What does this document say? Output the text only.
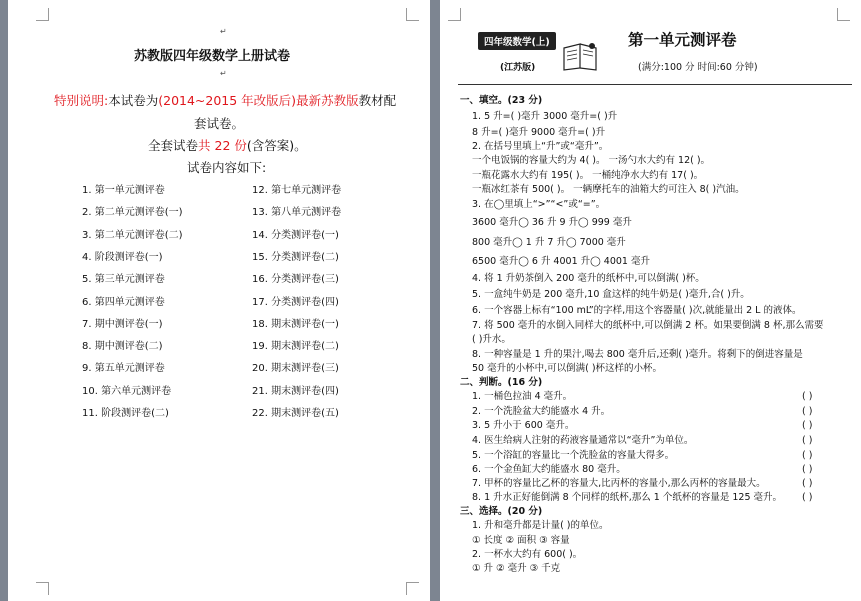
↵
苏教版四年级数学上册试卷
↵
特别说明:本试卷为(2014~2015 年改版后)最新苏教版教材配
套试卷。
全套试卷共 22 份(含答案)。
试卷内容如下:
1. 第一单元测评卷
2. 第二单元测评卷(一)
3. 第二单元测评卷(二)
4. 阶段测评卷(一)
5. 第三单元测评卷
6. 第四单元测评卷
7. 期中测评卷(一)
8. 期中测评卷(二)
9. 第五单元测评卷
10. 第六单元测评卷
11. 阶段测评卷(二)
12. 第七单元测评卷
13. 第八单元测评卷
14. 分类测评卷(一)
15. 分类测评卷(二)
16. 分类测评卷(三)
17. 分类测评卷(四)
18. 期末测评卷(一)
19. 期末测评卷(二)
20. 期末测评卷(三)
21. 期末测评卷(四)
22. 期末测评卷(五)
四年级数学(上)
(江苏版)
第一单元测评卷
(满分:100 分 时间:60 分钟)
一、填空。(23 分)
1. 5 升=( )毫升 3000 毫升=( )升
8 升=( )毫升 9000 毫升=( )升
2. 在括号里填上“升”或“毫升”。
一个电饭锅的容量大约为 4( )。 一汤勺水大约有 12( )。
一瓶花露水大约有 195( )。 一桶纯净水大约有 17( )。
一瓶冰红茶有 500( )。 一辆摩托车的油箱大约可注入 8( )汽油。
3. 在◯里填上“>”“<”或“=”。
3600 毫升◯ 36 升 9 升◯ 999 毫升
800 毫升◯ 1 升 7 升◯ 7000 毫升
6500 毫升◯ 6 升 4001 升◯ 4001 毫升
4. 将 1 升奶茶倒入 200 毫升的纸杯中,可以倒满( )杯。
5. 一盒纯牛奶是 200 毫升,10 盒这样的纯牛奶是( )毫升,合( )升。
6. 一个容器上标有“100 mL”的字样,用这个容器量( )次,就能量出 2 L 的液体。
7. 将 500 毫升的水倒入同样大的纸杯中,可以倒满 2 杯。如果要倒满 8 杯,那么需要
( )升水。
8. 一种容量是 1 升的果汁,喝去 800 毫升后,还剩( )毫升。将剩下的倒进容量是
50 毫升的小杯中,可以倒满( )杯这样的小杯。
二、判断。(16 分)
1. 一桶色拉油 4 毫升。
2. 一个洗脸盆大约能盛水 4 升。
3. 5 升小于 600 毫升。
4. 医生给病人注射的药液容量通常以“毫升”为单位。
5. 一个浴缸的容量比一个洗脸盆的容量大得多。
6. 一个金鱼缸大约能盛水 80 毫升。
7. 甲杯的容量比乙杯的容量大,比丙杯的容量小,那么丙杯的容量最大。
8. 1 升水正好能倒满 8 个同样的纸杯,那么 1 个纸杯的容量是 125 毫升。
三、选择。(20 分)
1. 升和毫升都是计量( )的单位。
① 长度 ② 面积 ③ 容量
2. 一杯水大约有 600( )。
① 升 ② 毫升 ③ 千克
( )
( )
( )
( )
( )
( )
( )
( )
